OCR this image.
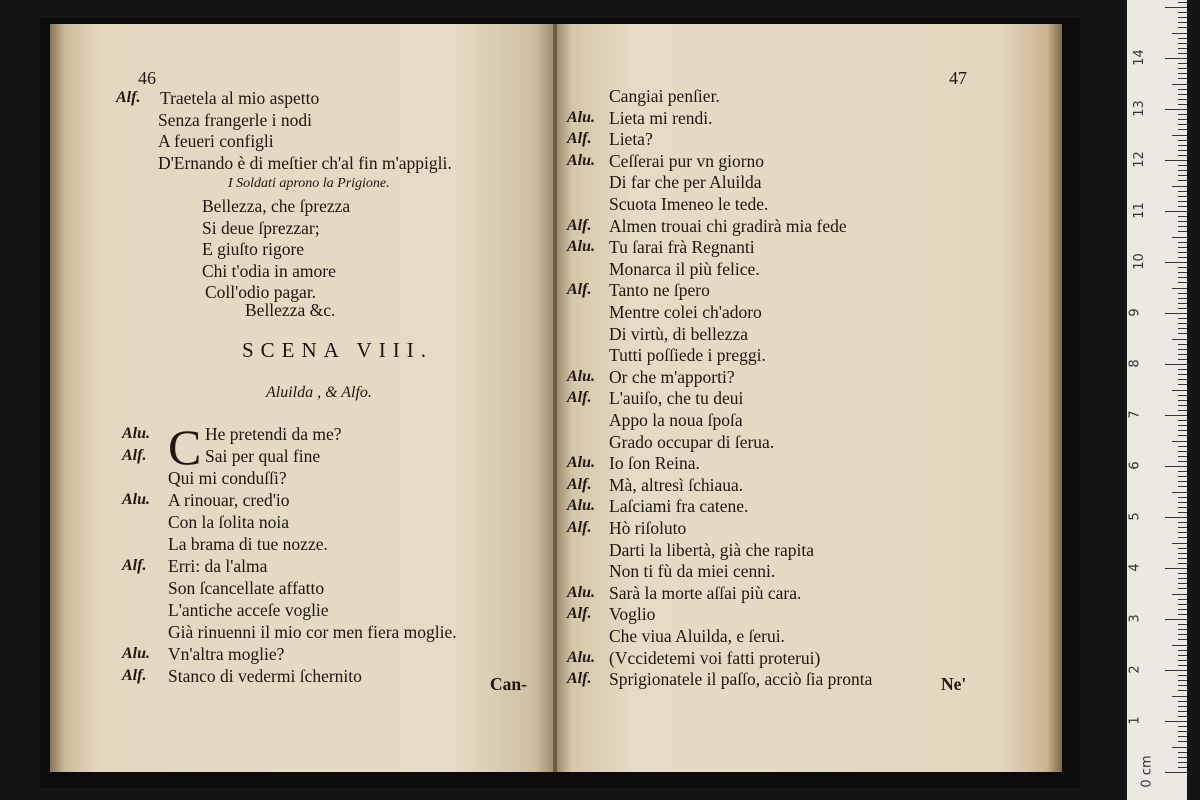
46
Alf. Traetela al mio aspetto
Senza frangerle i nodi
A feueri configli
D'Ernando è di meſtier ch'al fin m'appigli.
I Soldati aprono la Prigione.
Bellezza, che ſprezza
Si deue ſprezzar;
E giuſto rigore
Chi t'odia in amore
Coll'odio pagar.
Bellezza &c.
SCENA VIII.
Aluilda , & Alfo.
C
Alu.	He pretendi da me?
Alf.	Sai per qual fine
Qui mi conduſſi?
Alu. A rinouar, cred'io
Con la ſolita noia
La brama di tue nozze.
Alf. Erri: da l'alma
Son ſcancellate affatto
L'antiche acceſe voglie
Già rinuenni il mio cor men fiera moglie.
Alu. Vn'altra moglie?
Alf. Stanco di vedermi ſchernito	Can-
47
Cangiai penſier.
Alu. Lieta mi rendi.
Alf. Lieta?
Alu. Ceſſerai pur vn giorno
Di far che per Aluilda
Scuota Imeneo le tede.
Alf. Almen trouai chi gradirà mia fede
Alu. Tu ſarai frà Regnanti
Monarca il più felice.
Alf. Tanto ne ſpero
Mentre colei ch'adoro
Di virtù, di bellezza
Tutti poſſiede i preggi.
Alu. Or che m'apporti?
Alf. L'auiſo, che tu deui
Appo la noua ſpoſa
Grado occupar di ſerua.
Alu. Io ſon Reina.
Alf. Mà, altresì ſchiaua.
Alu. Laſciami fra catene.
Alf. Hò riſoluto
Darti la libertà, già che rapita
Non ti fù da miei cenni.
Alu. Sarà la morte aſſai più cara.
Alf. Voglio
Che viua Aluilda, e ſerui.
Alu. (Vccidetemi voi fatti proterui)
Alf. Sprigionatele il paſſo, acciò ſia pronta	Ne'
0 cm
1
2
3
4
5
6
7
8
9
10
11
12
13
14
